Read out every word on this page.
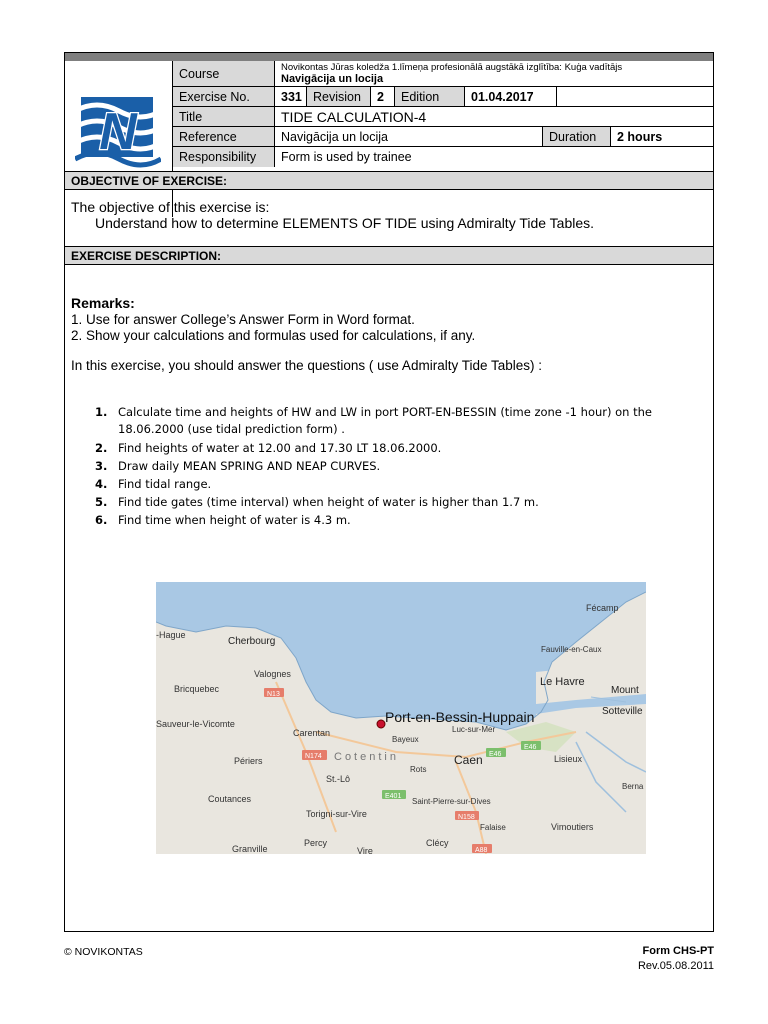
N
Course	Novikontas Jūras koledža 1.līmeņa profesionālā augstākā izglītība: Kuģa vadītājs
Navigācija un locija
Exercise No.	331 Revision	2	Edition	01.04.2017
Title	TIDE CALCULATION-4
Reference	Navigācija un locija	Duration	2 hours
Responsibility	Form is used by trainee
OBJECTIVE OF EXERCISE:
The objective of this exercise is:
Understand how to determine ELEMENTS OF TIDE using Admiralty Tide Tables.
EXERCISE DESCRIPTION:
Remarks:
1. Use for answer College’s Answer Form in Word format.
2. Show your calculations and formulas used for calculations, if any.
In this exercise, you should answer the questions ( use Admiralty Tide Tables) :
1. Calculate time and heights of HW and LW in port PORT-EN-BESSIN (time zone -1 hour) on the 18.06.2000 (use tidal prediction form) .
2. Find heights of water at 12.00 and 17.30 LT 18.06.2000.
3. Draw daily MEAN SPRING AND NEAP CURVES.
4. Find tidal range.
5. Find tide gates (time interval) when height of water is higher than 1.7 m.
6. Find time when height of water is 4.3 m.
-Hague
Cherbourg
Valognes
Bricquebec
N13
Sauveur-le-Vicomte
Carentan
N174 Cotentin
Bayeux
Périers
St.-Lô
Coutances
Torigni-sur-Vire
Percy
Vire
Granville
Port-en-Bessin-Huppain
Luc-sur-Mer
Caen
Rots
E46
E46
E401
Saint-Pierre-sur-Dives
N158
Falaise
Clécy
A88
Fécamp
Fauville-en-Caux
Le Havre
Mount
Sotteville
Lisieux
Berna
Vimoutiers
© NOVIKONTAS	Form CHS-PT
Rev.05.08.2011
